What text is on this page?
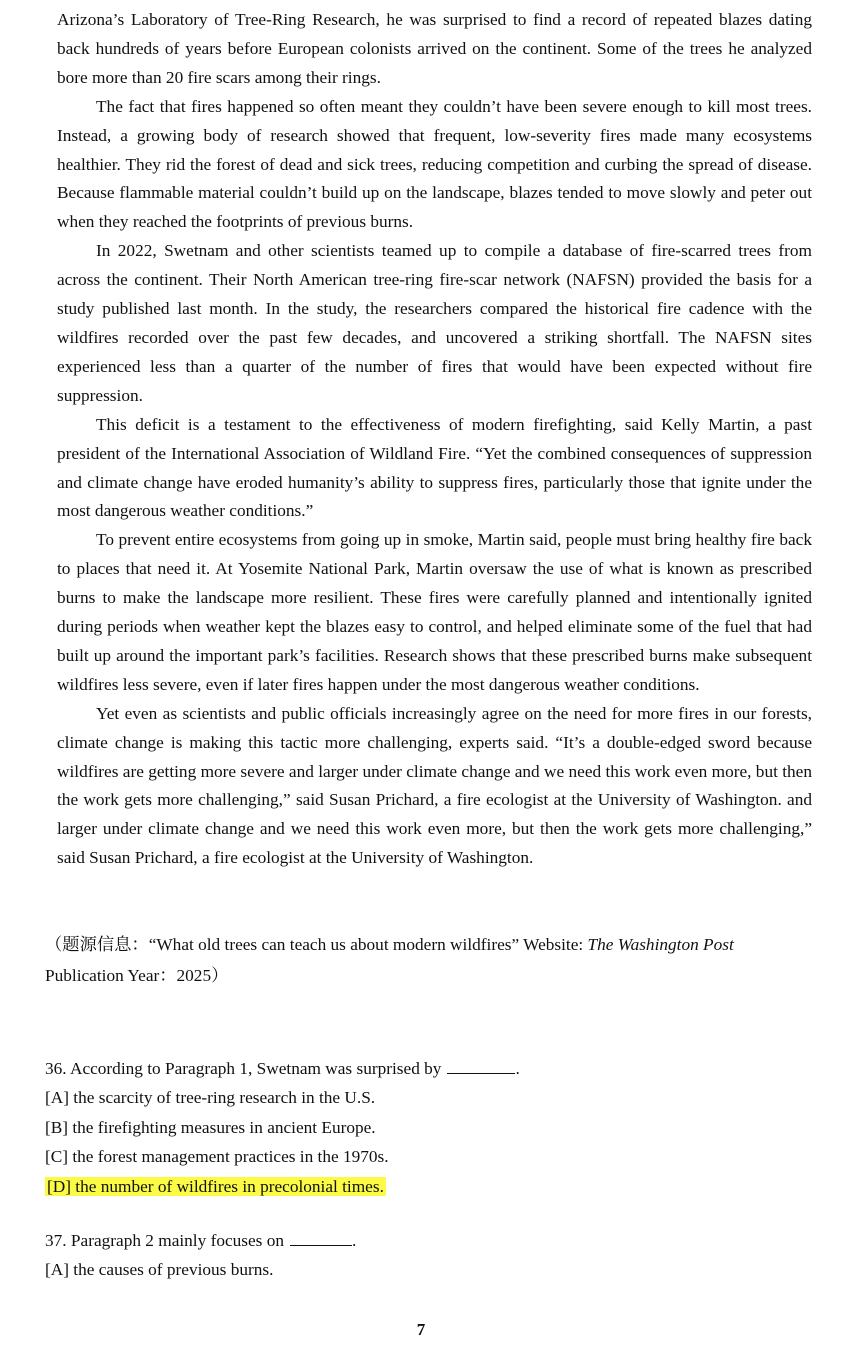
Arizona’s Laboratory of Tree-Ring Research, he was surprised to find a record of repeated blazes dating back hundreds of years before European colonists arrived on the continent. Some of the trees he analyzed bore more than 20 fire scars among their rings.

The fact that fires happened so often meant they couldn’t have been severe enough to kill most trees. Instead, a growing body of research showed that frequent, low-severity fires made many ecosystems healthier. They rid the forest of dead and sick trees, reducing competition and curbing the spread of disease. Because flammable material couldn’t build up on the landscape, blazes tended to move slowly and peter out when they reached the footprints of previous burns.

In 2022, Swetnam and other scientists teamed up to compile a database of fire-scarred trees from across the continent. Their North American tree-ring fire-scar network (NAFSN) provided the basis for a study published last month. In the study, the researchers compared the historical fire cadence with the wildfires recorded over the past few decades, and uncovered a striking shortfall. The NAFSN sites experienced less than a quarter of the number of fires that would have been expected without fire suppression.

This deficit is a testament to the effectiveness of modern firefighting, said Kelly Martin, a past president of the International Association of Wildland Fire. “Yet the combined consequences of suppression and climate change have eroded humanity’s ability to suppress fires, particularly those that ignite under the most dangerous weather conditions.”

To prevent entire ecosystems from going up in smoke, Martin said, people must bring healthy fire back to places that need it. At Yosemite National Park, Martin oversaw the use of what is known as prescribed burns to make the landscape more resilient. These fires were carefully planned and intentionally ignited during periods when weather kept the blazes easy to control, and helped eliminate some of the fuel that had built up around the important park’s facilities. Research shows that these prescribed burns make subsequent wildfires less severe, even if later fires happen under the most dangerous weather conditions.

Yet even as scientists and public officials increasingly agree on the need for more fires in our forests, climate change is making this tactic more challenging, experts said. “It’s a double-edged sword because wildfires are getting more severe and larger under climate change and we need this work even more, but then the work gets more challenging,” said Susan Prichard, a fire ecologist at the University of Washington. and larger under climate change and we need this work even more, but then the work gets more challenging,” said Susan Prichard, a fire ecologist at the University of Washington.

（题源信息：“What old trees can teach us about modern wildfires” Website: The Washington Post

Publication Year：2025）

36. According to Paragraph 1, Swetnam was surprised by	.

[A] the scarcity of tree-ring research in the U.S.

[B] the firefighting measures in ancient Europe.

[C] the forest management practices in the 1970s.

[D] the number of wildfires in precolonial times.

37. Paragraph 2 mainly focuses on	.

[A] the causes of previous burns.

7
